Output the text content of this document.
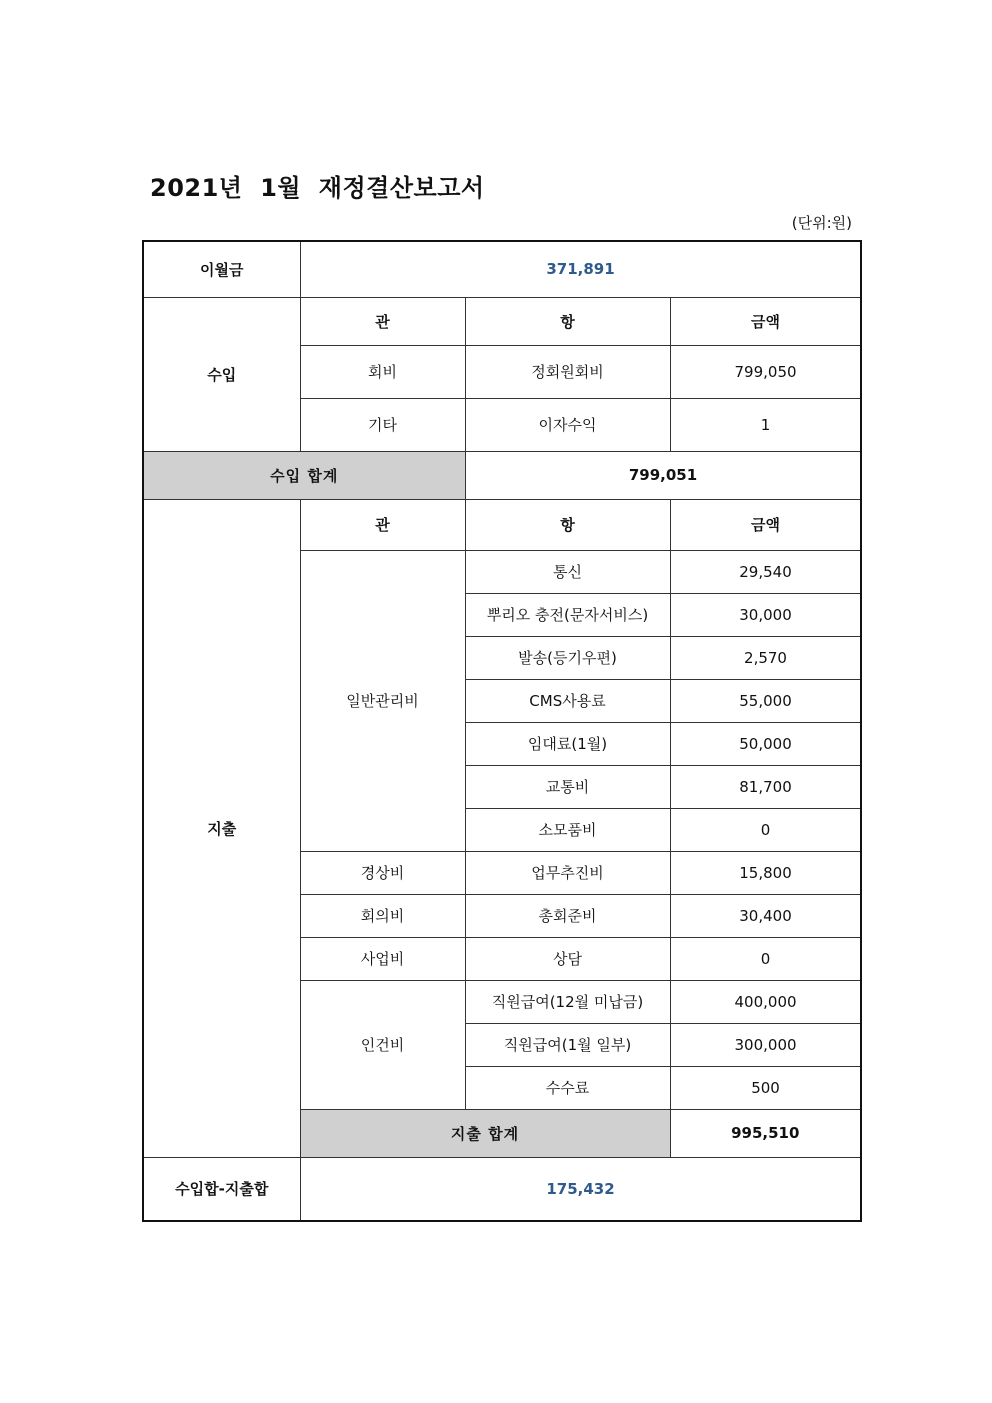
2021년  1월  재정결산보고서
(단위:원)
이월금	371,891		
수입	관	항	금액
	회비	정회원회비	799,050
	기타	이자수익	1
수입 합계		799,051	
지출	관	항	금액
	일반관리비	통신	29,540
		뿌리오 충전(문자서비스)	30,000
		발송(등기우편)	2,570
		CMS사용료	55,000
		임대료(1월)	50,000
		교통비	81,700
		소모품비	0
	경상비	업무추진비	15,800
	회의비	총회준비	30,400
	사업비	상담	0
	인건비	직원급여(12월 미납금)	400,000
		직원급여(1월 일부)	300,000
		수수료	500
	지출 합계		995,510
수입합-지출합	175,432		
